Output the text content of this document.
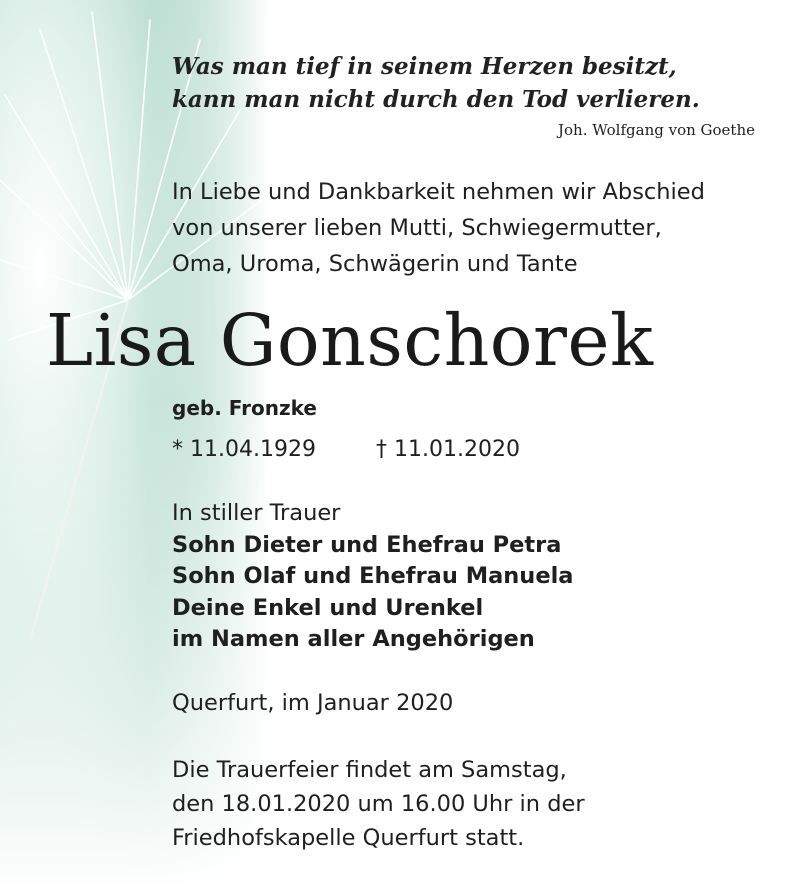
Was man tief in seinem Herzen besitzt,
kann man nicht durch den Tod verlieren.
Joh. Wolfgang von Goethe
In Liebe und Dankbarkeit nehmen wir Abschied
von unserer lieben Mutti, Schwiegermutter,
Oma, Uroma, Schwägerin und Tante
Lisa Gonschorek
geb. Fronzke
* 11.04.1929	† 11.01.2020
In stiller Trauer
Sohn Dieter und Ehefrau Petra
Sohn Olaf und Ehefrau Manuela
Deine Enkel und Urenkel
im Namen aller Angehörigen
Querfurt, im Januar 2020
Die Trauerfeier findet am Samstag,
den 18.01.2020 um 16.00 Uhr in der
Friedhofskapelle Querfurt statt.
